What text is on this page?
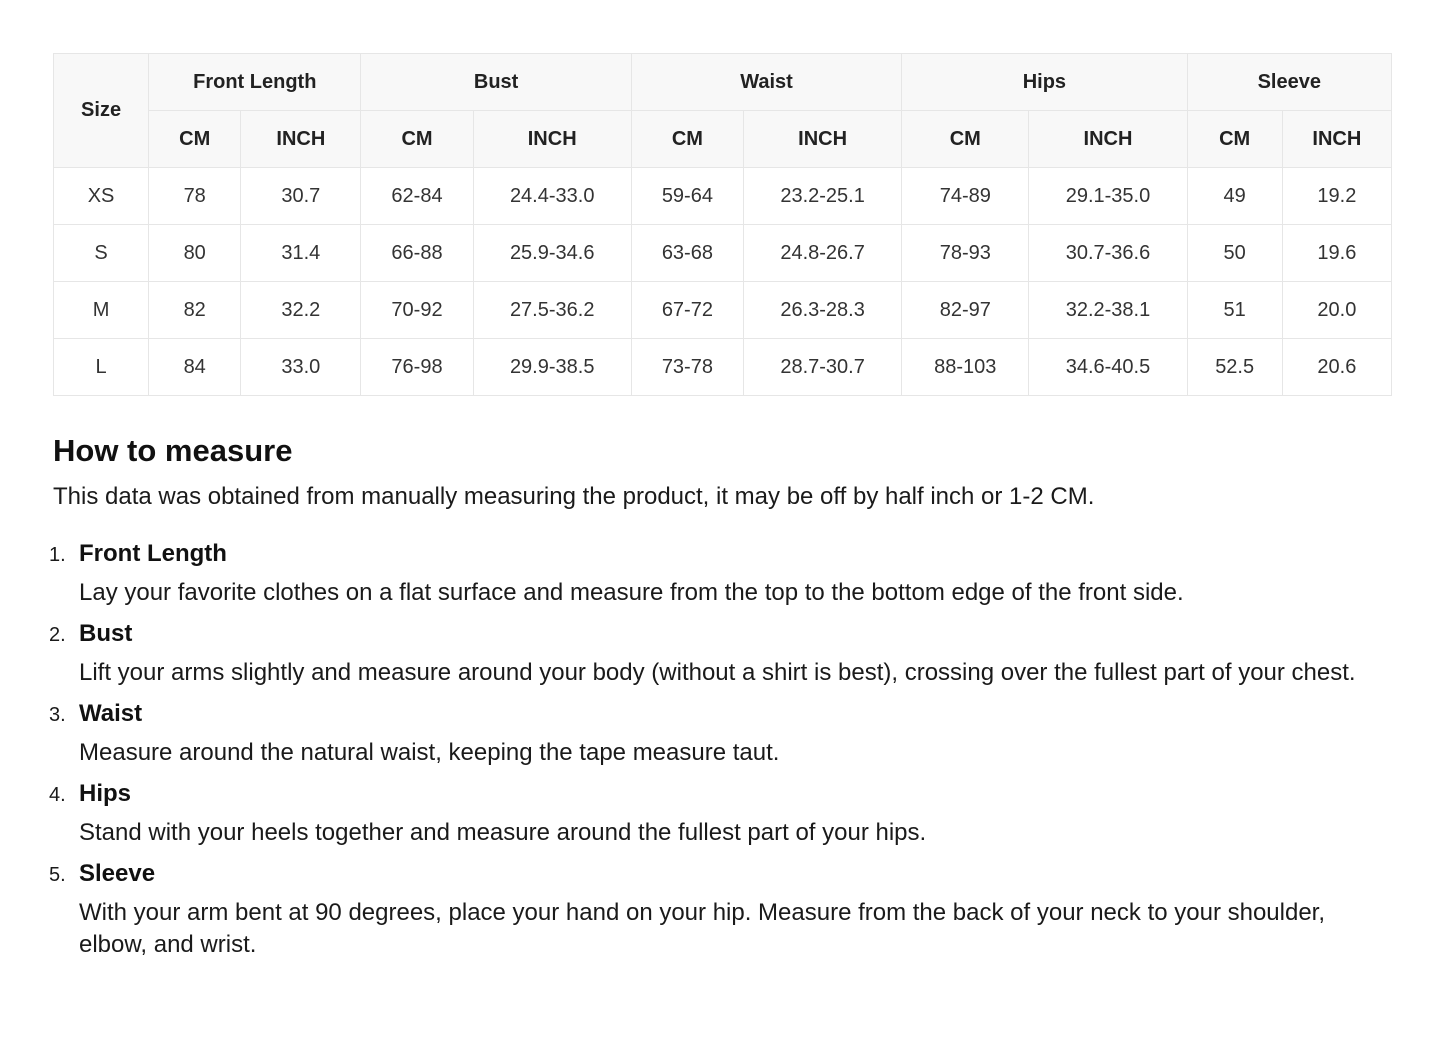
Size	Front Length		Bust		Waist		Hips		Sleeve	
	CM	INCH	CM	INCH	CM	INCH	CM	INCH	CM	INCH
XS	78	30.7	62-84	24.4-33.0	59-64	23.2-25.1	74-89	29.1-35.0	49	19.2
S	80	31.4	66-88	25.9-34.6	63-68	24.8-26.7	78-93	30.7-36.6	50	19.6
M	82	32.2	70-92	27.5-36.2	67-72	26.3-28.3	82-97	32.2-38.1	51	20.0
L	84	33.0	76-98	29.9-38.5	73-78	28.7-30.7	88-103	34.6-40.5	52.5	20.6
How to measure

This data was obtained from manually measuring the product, it may be off by half inch or 1-2 CM.

1. Front Length
Lay your favorite clothes on a flat surface and measure from the top to the bottom edge of the front side.
2. Bust
Lift your arms slightly and measure around your body (without a shirt is best), crossing over the fullest part of your chest.
3. Waist
Measure around the natural waist, keeping the tape measure taut.
4. Hips
Stand with your heels together and measure around the fullest part of your hips.
5. Sleeve
With your arm bent at 90 degrees, place your hand on your hip. Measure from the back of your neck to your shoulder, elbow, and wrist.
